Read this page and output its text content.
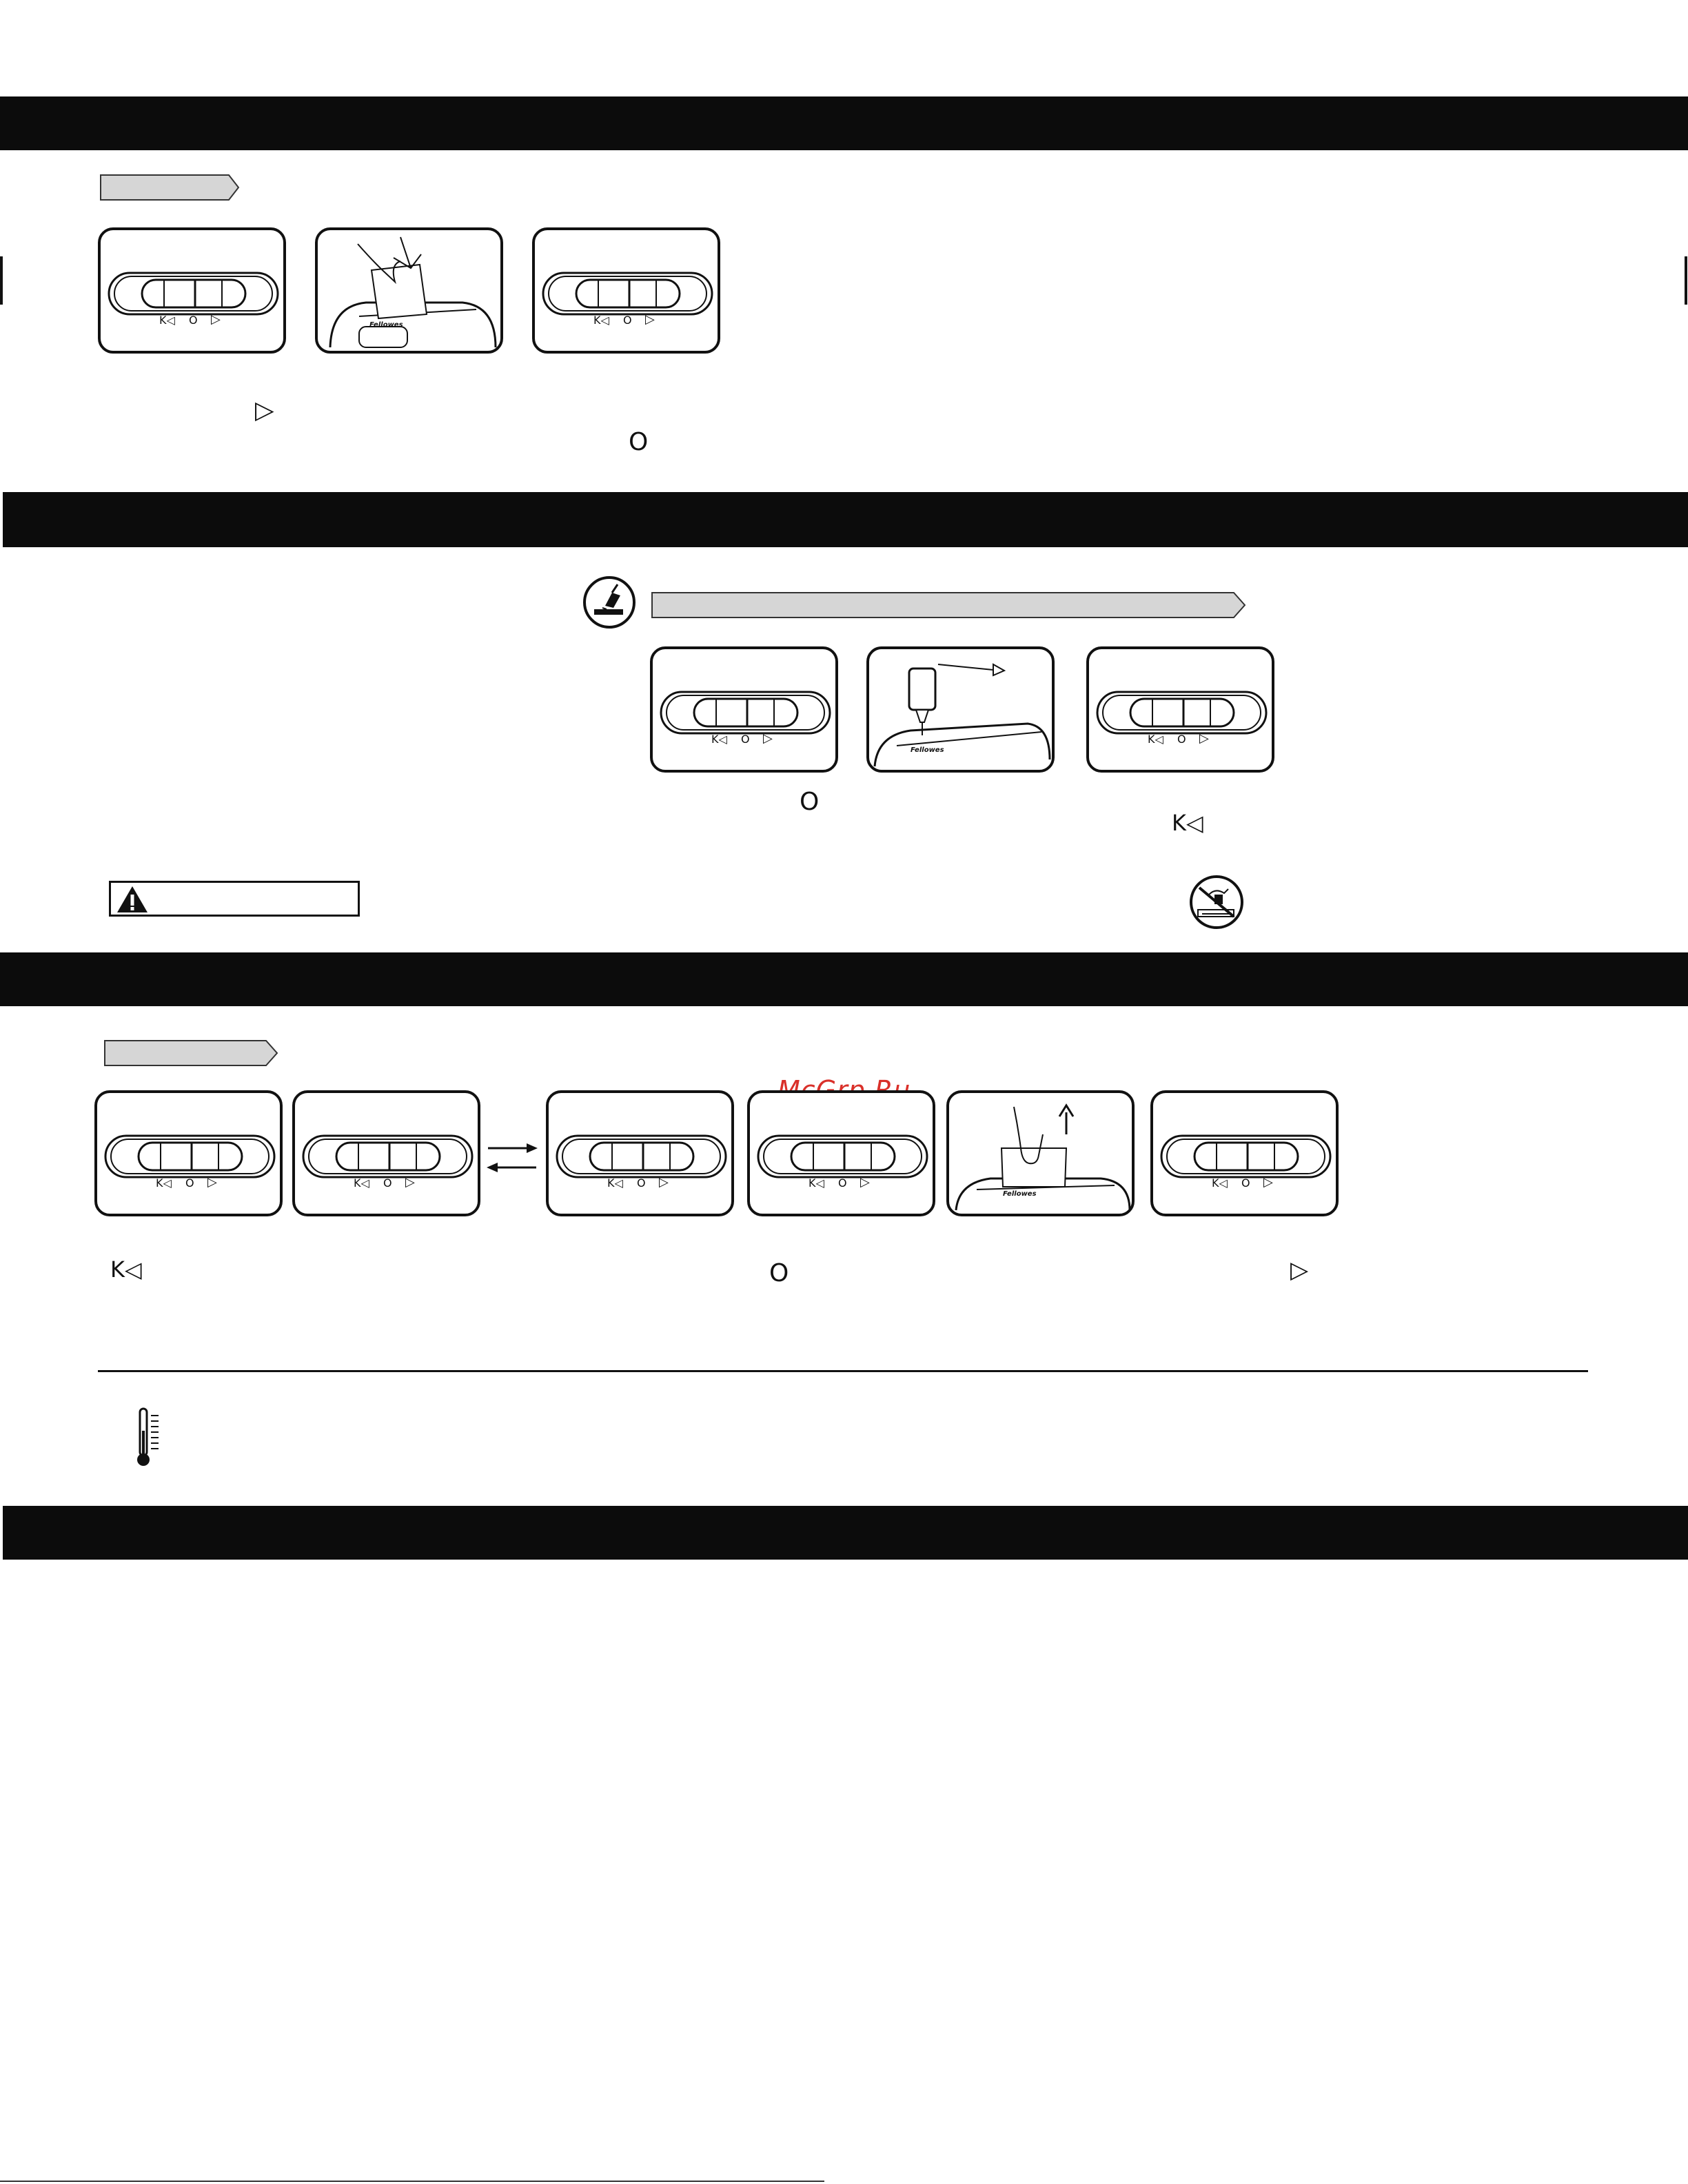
K◁ O ▷	Fellowes	K◁ O ▷
▷
O
K◁ O ▷
Fellowes
K◁ O ▷
O
K◁
K◁ O ▷	K◁ O ▷	K◁ O ▷	K◁ O ▷
Fellowes
K◁ O ▷
K◁	O	▷
